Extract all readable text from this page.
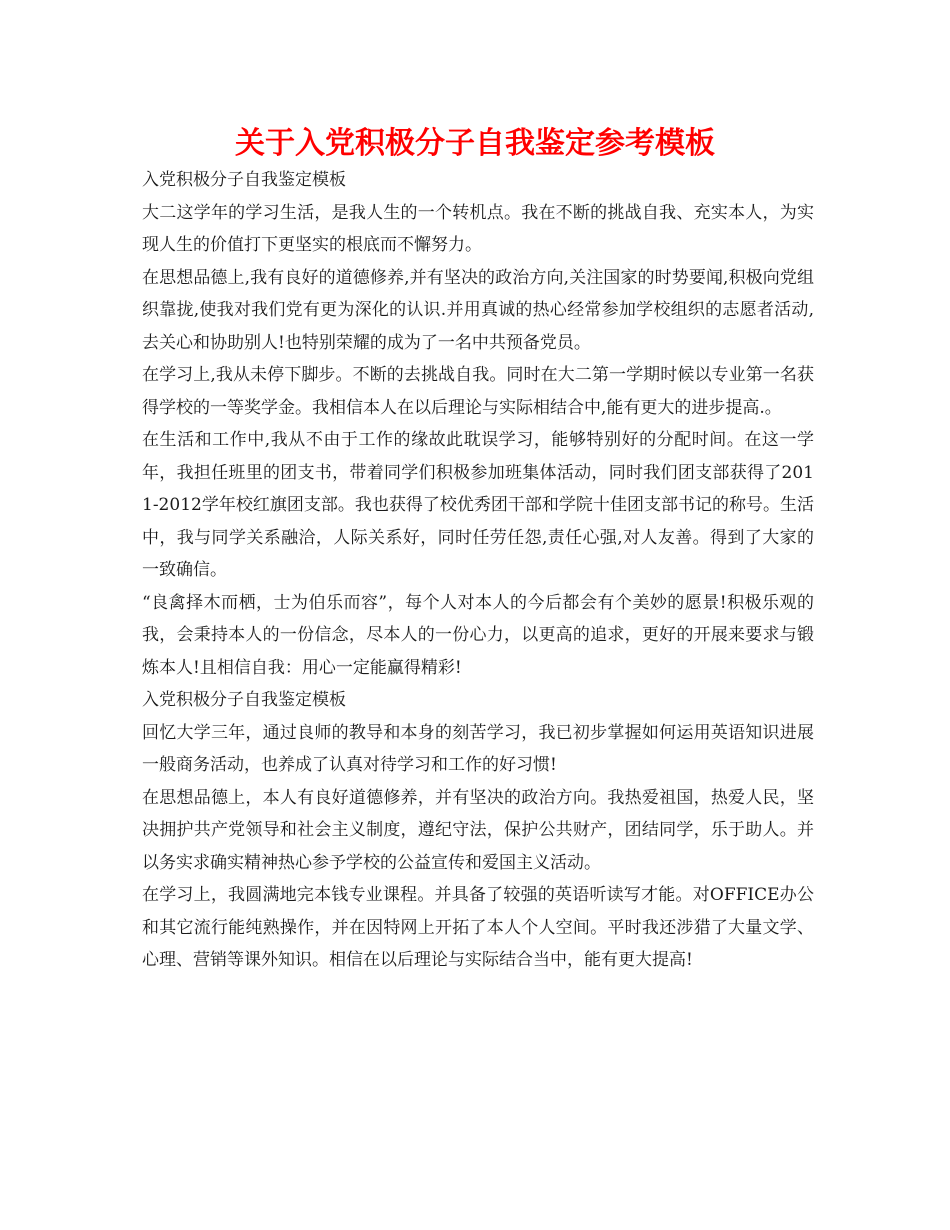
关于入党积极分子自我鉴定参考模板

入党积极分子自我鉴定模板

大二这学年的学习生活，是我人生的一个转机点。我在不断的挑战自我、充实本人，为实现人生的价值打下更坚实的根底而不懈努力。

在思想品德上,我有良好的道德修养,并有坚决的政治方向,关注国家的时势要闻,积极向党组织靠拢,使我对我们党有更为深化的认识.并用真诚的热心经常参加学校组织的志愿者活动,去关心和协助别人!也特别荣耀的成为了一名中共预备党员。

在学习上,我从未停下脚步。不断的去挑战自我。同时在大二第一学期时候以专业第一名获得学校的一等奖学金。我相信本人在以后理论与实际相结合中,能有更大的进步提高.。

在生活和工作中,我从不由于工作的缘故此耽误学习，能够特别好的分配时间。在这一学年，我担任班里的团支书，带着同学们积极参加班集体活动，同时我们团支部获得了2011-2012学年校红旗团支部。我也获得了校优秀团干部和学院十佳团支部书记的称号。生活中，我与同学关系融洽，人际关系好，同时任劳任怨,责任心强,对人友善。得到了大家的一致确信。

“良禽择木而栖，士为伯乐而容”，每个人对本人的今后都会有个美妙的愿景!积极乐观的我，会秉持本人的一份信念，尽本人的一份心力，以更高的追求，更好的开展来要求与锻炼本人!且相信自我：用心一定能赢得精彩!

入党积极分子自我鉴定模板

回忆大学三年，通过良师的教导和本身的刻苦学习，我已初步掌握如何运用英语知识进展一般商务活动，也养成了认真对待学习和工作的好习惯!

在思想品德上，本人有良好道德修养，并有坚决的政治方向。我热爱祖国，热爱人民，坚决拥护共产党领导和社会主义制度，遵纪守法，保护公共财产，团结同学，乐于助人。并以务实求确实精神热心参予学校的公益宣传和爱国主义活动。

在学习上，我圆满地完本钱专业课程。并具备了较强的英语听读写才能。对OFFICE办公和其它流行能纯熟操作，并在因特网上开拓了本人个人空间。平时我还涉猎了大量文学、心理、营销等课外知识。相信在以后理论与实际结合当中，能有更大提高!
